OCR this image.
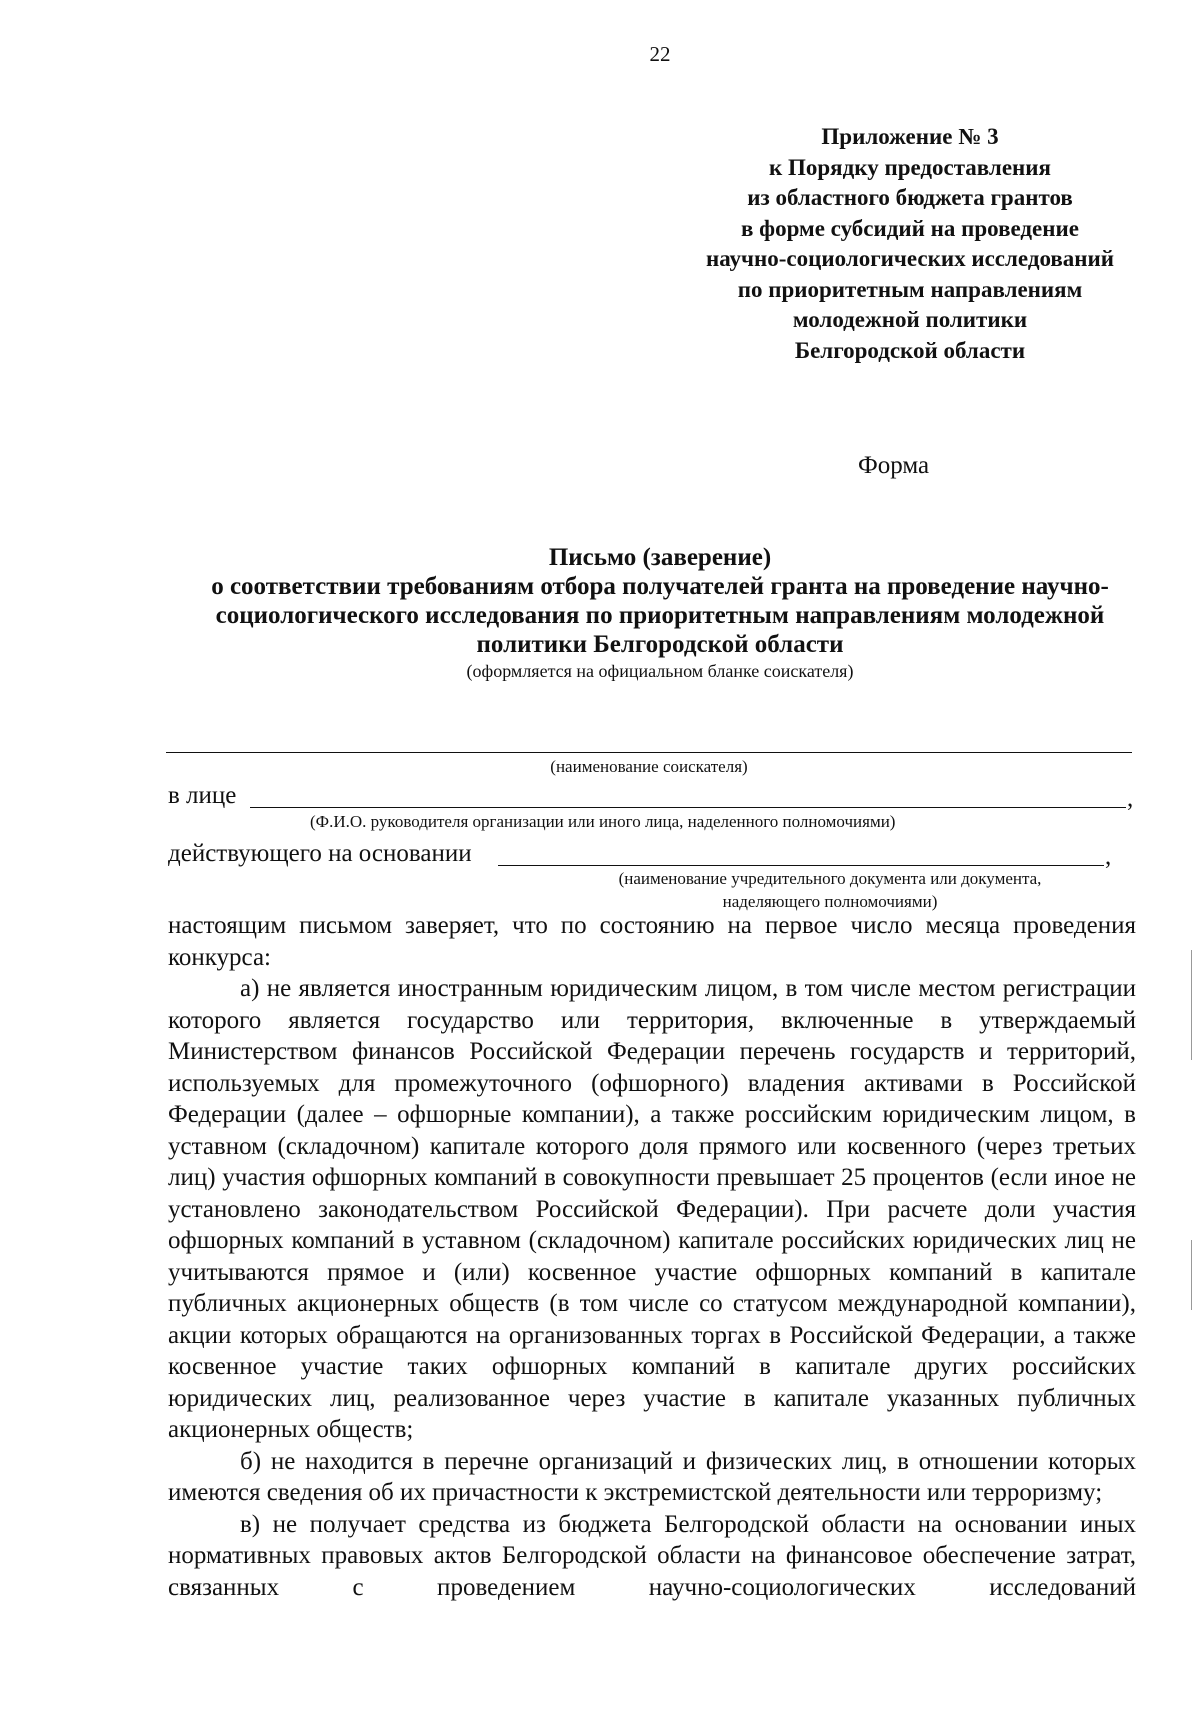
22
Приложение № 3
к Порядку предоставления
из областного бюджета грантов
в форме субсидий на проведение
научно-социологических исследований
по приоритетным направлениям
молодежной политики
Белгородской области
Форма
Письмо (заверение)
о соответствии требованиям отбора получателей гранта на проведение научно-
социологического исследования по приоритетным направлениям молодежной
политики Белгородской области
(оформляется на официальном бланке соискателя)
(наименование соискателя)
в лице	,
(Ф.И.О. руководителя организации или иного лица, наделенного полномочиями)
действующего на основании	,
(наименование учредительного документа или документа,
наделяющего полномочиями)

настоящим письмом заверяет, что по состоянию на первое число месяца проведения конкурса:

а) не является иностранным юридическим лицом, в том числе местом регистрации которого является государство или территория, включенные в утверждаемый Министерством финансов Российской Федерации перечень государств и территорий, используемых для промежуточного (офшорного) владения активами в Российской Федерации (далее – офшорные компании), а также российским юридическим лицом, в уставном (складочном) капитале которого доля прямого или косвенного (через третьих лиц) участия офшорных компаний в совокупности превышает 25 процентов (если иное не установлено законодательством Российской Федерации). При расчете доли участия офшорных компаний в уставном (складочном) капитале российских юридических лиц не учитываются прямое и (или) косвенное участие офшорных компаний в капитале публичных акционерных обществ (в том числе со статусом международной компании), акции которых обращаются на организованных торгах в Российской Федерации, а также косвенное участие таких офшорных компаний в капитале других российских юридических лиц, реализованное через участие в капитале указанных публичных акционерных обществ;

б) не находится в перечне организаций и физических лиц, в отношении которых имеются сведения об их причастности к экстремистской деятельности или терроризму;

в) не получает средства из бюджета Белгородской области на основании иных нормативных правовых актов Белгородской области на финансовое обеспечение затрат, связанных с проведением научно-социологических исследований
